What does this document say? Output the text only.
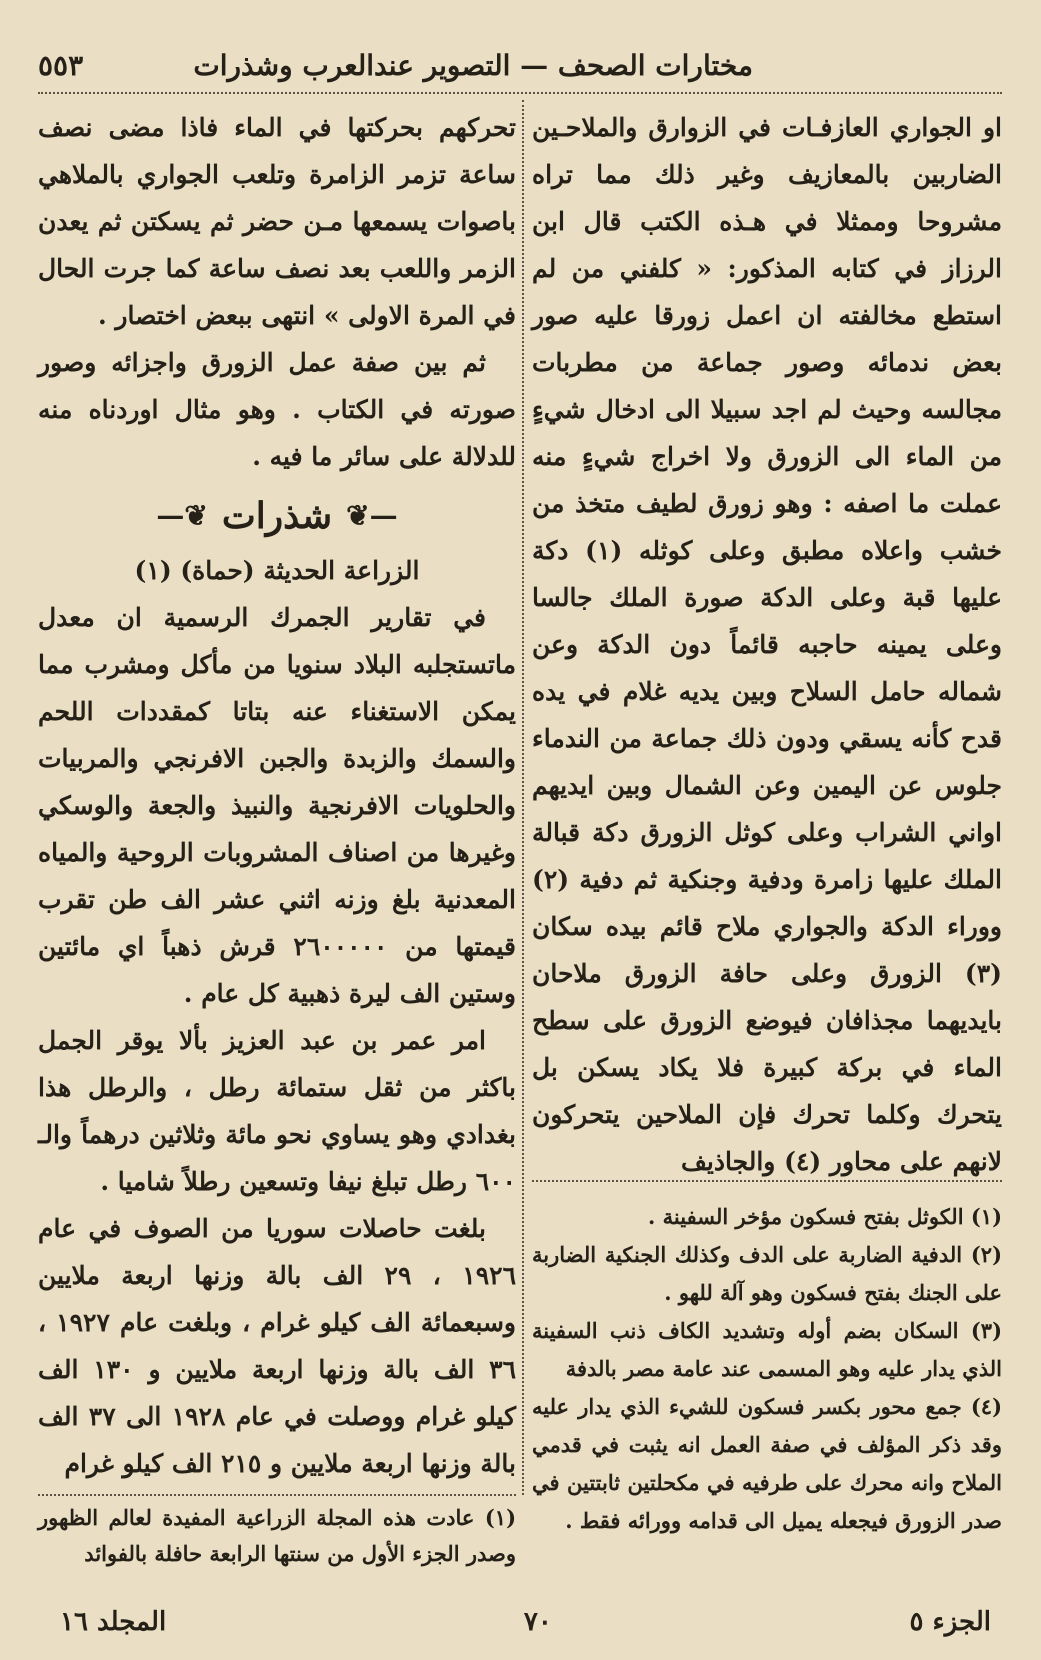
٥٥٣	مختارات الصحف — التصوير عندالعرب وشذرات

او الجواري العازفـات في الزوارق والملاحـين الضاربين بالمعازيف وغير ذلك مما تراه مشروحا وممثلا في هـذه الكتب قال ابن الرزاز في كتابه المذكور: « كلفني من لم استطع مخالفته ان اعمل زورقا عليه صور بعض ندمائه وصور جماعة من مطربات مجالسه وحيث لم اجد سبيلا الى ادخال شيءٍ من الماء الى الزورق ولا اخراج شيءٍ منه عملت ما اصفه : وهو زورق لطيف متخذ من خشب واعلاه مطبق وعلى كوثله (١) دكة عليها قبة وعلى الدكة صورة الملك جالسا وعلى يمينه حاجبه قائماً دون الدكة وعن شماله حامل السلاح وبين يديه غلام في يده قدح كأنه يسقي ودون ذلك جماعة من الندماء جلوس عن اليمين وعن الشمال وبين ايديهم اواني الشراب وعلى كوثل الزورق دكة قبالة الملك عليها زامرة ودفية وجنكية ثم دفية (٢) ووراء الدكة والجواري ملاح قائم بيده سكان (٣) الزورق وعلى حافة الزورق ملاحان بايديهما مجذافان فيوضع الزورق على سطح الماء في بركة كبيرة فلا يكاد يسكن بل يتحرك وكلما تحرك فإن الملاحين يتحركون لانهم على محاور (٤) والجاذيف

(١) الكوثل بفتح فسكون مؤخر السفينة .

(٢) الدفية الضاربة على الدف وكذلك الجنكية الضاربة على الجنك بفتح فسكون وهو آلة للهو .

(٣) السكان بضم أوله وتشديد الكاف ذنب السفينة الذي يدار عليه وهو المسمى عند عامة مصر بالدفة

(٤) جمع محور بكسر فسكون للشيء الذي يدار عليه وقد ذكر المؤلف في صفة العمل انه يثبت في قدمي الملاح وانه محرك على طرفيه في مكحلتين ثابتتين في صدر الزورق فيجعله يميل الى قدامه وورائه فقط .

تحركهم بحركتها في الماء فاذا مضى نصف ساعة تزمر الزامرة وتلعب الجواري بالملاهي باصوات يسمعها مـن حضر ثم يسكتن ثم يعدن الزمر واللعب بعد نصف ساعة كما جرت الحال في المرة الاولى » انتهى ببعض اختصار .

ثم بين صفة عمل الزورق واجزائه وصور صورته في الكتاب . وهو مثال اوردناه منه للدلالة على سائر ما فيه .

—❦
شذرات
❦—
الزراعة الحديثة (حماة) (١)

في تقارير الجمرك الرسمية ان معدل ماتستجلبه البلاد سنويا من مأكل ومشرب مما يمكن الاستغناء عنه بتاتا كمقددات اللحم والسمك والزبدة والجبن الافرنجي والمربيات والحلويات الافرنجية والنبيذ والجعة والوسكي وغيرها من اصناف المشروبات الروحية والمياه المعدنية بلغ وزنه اثني عشر الف طن تقرب قيمتها من ٢٦٠٠٠٠٠ قرش ذهباً اي مائتين وستين الف ليرة ذهبية كل عام .

امر عمر بن عبد العزيز بألا يوقر الجمل باكثر من ثقل ستمائة رطل ، والرطل هذا بغدادي وهو يساوي نحو مائة وثلاثين درهماً والـ ٦٠٠ رطل تبلغ نيفا وتسعين رطلاً شاميا .

بلغت حاصلات سوريا من الصوف في عام ١٩٢٦ ، ٢٩ الف بالة وزنها اربعة ملايين وسبعمائة الف كيلو غرام ، وبلغت عام ١٩٢٧ ، ٣٦ الف بالة وزنها اربعة ملايين و ١٣٠ الف كيلو غرام ووصلت في عام ١٩٢٨ الى ٣٧ الف بالة وزنها اربعة ملايين و ٢١٥ الف كيلو غرام

(١) عادت هذه المجلة الزراعية المفيدة لعالم الظهور وصدر الجزء الأول من سنتها الرابعة حافلة بالفوائد

الجزء ٥
٧٠
المجلد ١٦
